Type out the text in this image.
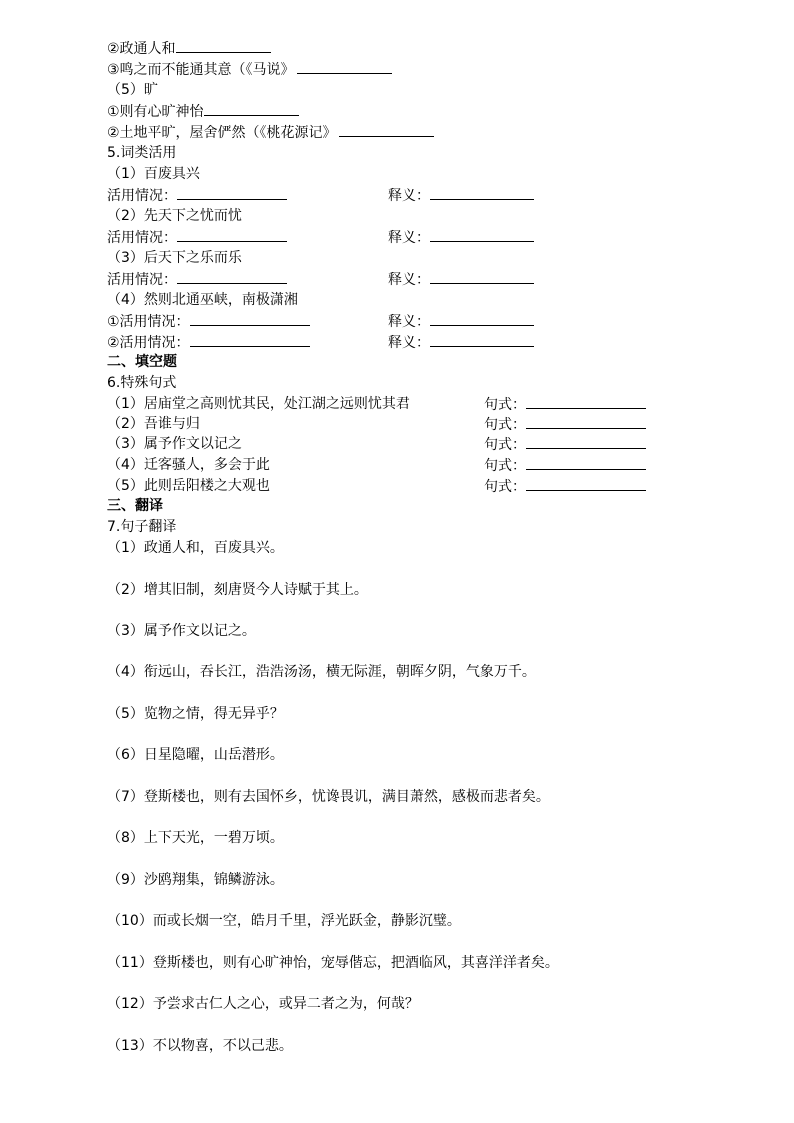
②政通人和
③鸣之而不能通其意（《马说》
（5）旷
①则有心旷神怡
②土地平旷，屋舍俨然（《桃花源记》
5.词类活用
（1）百废具兴
活用情况：	释义：
（2）先天下之忧而忧
活用情况：	释义：
（3）后天下之乐而乐
活用情况：	释义：
（4）然则北通巫峡，南极潇湘
①活用情况：	释义：
②活用情况：	释义：
二、填空题
6.特殊句式
（1）居庙堂之高则忧其民，处江湖之远则忧其君	句式：
（2）吾谁与归	句式：
（3）属予作文以记之	句式：
（4）迁客骚人，多会于此	句式：
（5）此则岳阳楼之大观也	句式：
三、翻译
7.句子翻译
（1）政通人和，百废具兴。
（2）增其旧制，刻唐贤今人诗赋于其上。
（3）属予作文以记之。
（4）衔远山，吞长江，浩浩汤汤，横无际涯，朝晖夕阴，气象万千。
（5）览物之情，得无异乎？
（6）日星隐曜，山岳潜形。
（7）登斯楼也，则有去国怀乡，忧谗畏讥，满目萧然，感极而悲者矣。
（8）上下天光，一碧万顷。
（9）沙鸥翔集，锦鳞游泳。
（10）而或长烟一空，皓月千里，浮光跃金，静影沉璧。
（11）登斯楼也，则有心旷神怡，宠辱偕忘，把酒临风，其喜洋洋者矣。
（12）予尝求古仁人之心，或异二者之为，何哉？
（13）不以物喜，不以己悲。
